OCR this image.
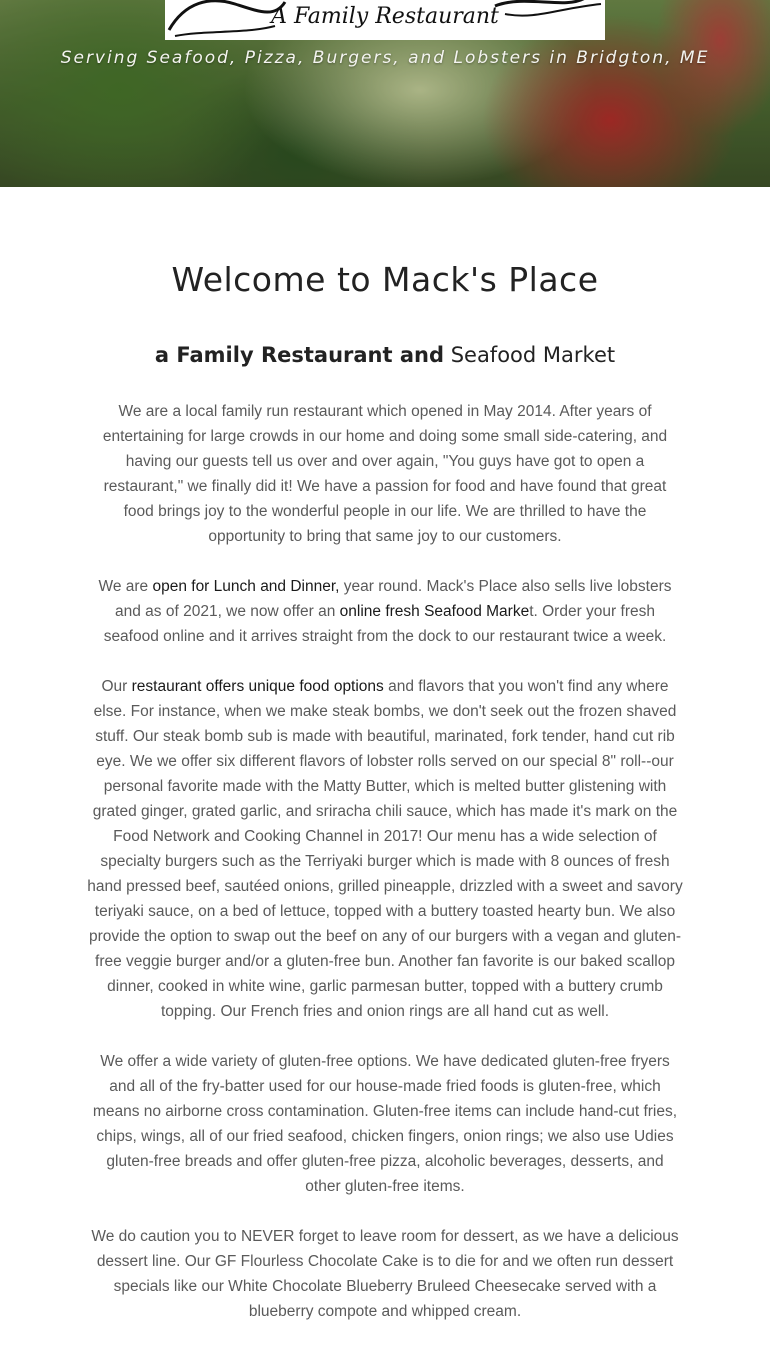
A Family Restaurant
Serving Seafood, Pizza, Burgers, and Lobsters in Bridgton, ME
Welcome to Mack's Place
a Family Restaurant and Seafood Market

We are a local family run restaurant which opened in May 2014. After years of entertaining for large crowds in our home and doing some small side-catering, and having our guests tell us over and over again, "You guys have got to open a restaurant," we finally did it! We have a passion for food and have found that great food brings joy to the wonderful people in our life. We are thrilled to have the opportunity to bring that same joy to our customers.

We are open for Lunch and Dinner, year round. Mack's Place also sells live lobsters and as of 2021, we now offer an online fresh Seafood Market. Order your fresh seafood online and it arrives straight from the dock to our restaurant twice a week.

Our restaurant offers unique food options and flavors that you won't find any where else. For instance, when we make steak bombs, we don't seek out the frozen shaved stuff. Our steak bomb sub is made with beautiful, marinated, fork tender, hand cut rib eye. We we offer six different flavors of lobster rolls served on our special 8" roll--our personal favorite made with the Matty Butter, which is melted butter glistening with grated ginger, grated garlic, and sriracha chili sauce, which has made it's mark on the Food Network and Cooking Channel in 2017! Our menu has a wide selection of specialty burgers such as the Terriyaki burger which is made with 8 ounces of fresh hand pressed beef, sautéed onions, grilled pineapple, drizzled with a sweet and savory teriyaki sauce, on a bed of lettuce, topped with a buttery toasted hearty bun. We also provide the option to swap out the beef on any of our burgers with a vegan and gluten-free veggie burger and/or a gluten-free bun. Another fan favorite is our baked scallop dinner, cooked in white wine, garlic parmesan butter, topped with a buttery crumb topping. Our French fries and onion rings are all hand cut as well.

We offer a wide variety of gluten-free options. We have dedicated gluten-free fryers and all of the fry-batter used for our house-made fried foods is gluten-free, which means no airborne cross contamination. Gluten-free items can include hand-cut fries, chips, wings, all of our fried seafood, chicken fingers, onion rings; we also use Udies gluten-free breads and offer gluten-free pizza, alcoholic beverages, desserts, and other gluten-free items.

We do caution you to NEVER forget to leave room for dessert, as we have a delicious dessert line. Our GF Flourless Chocolate Cake is to die for and we often run dessert specials like our White Chocolate Blueberry Bruleed Cheesecake served with a blueberry compote and whipped cream.
